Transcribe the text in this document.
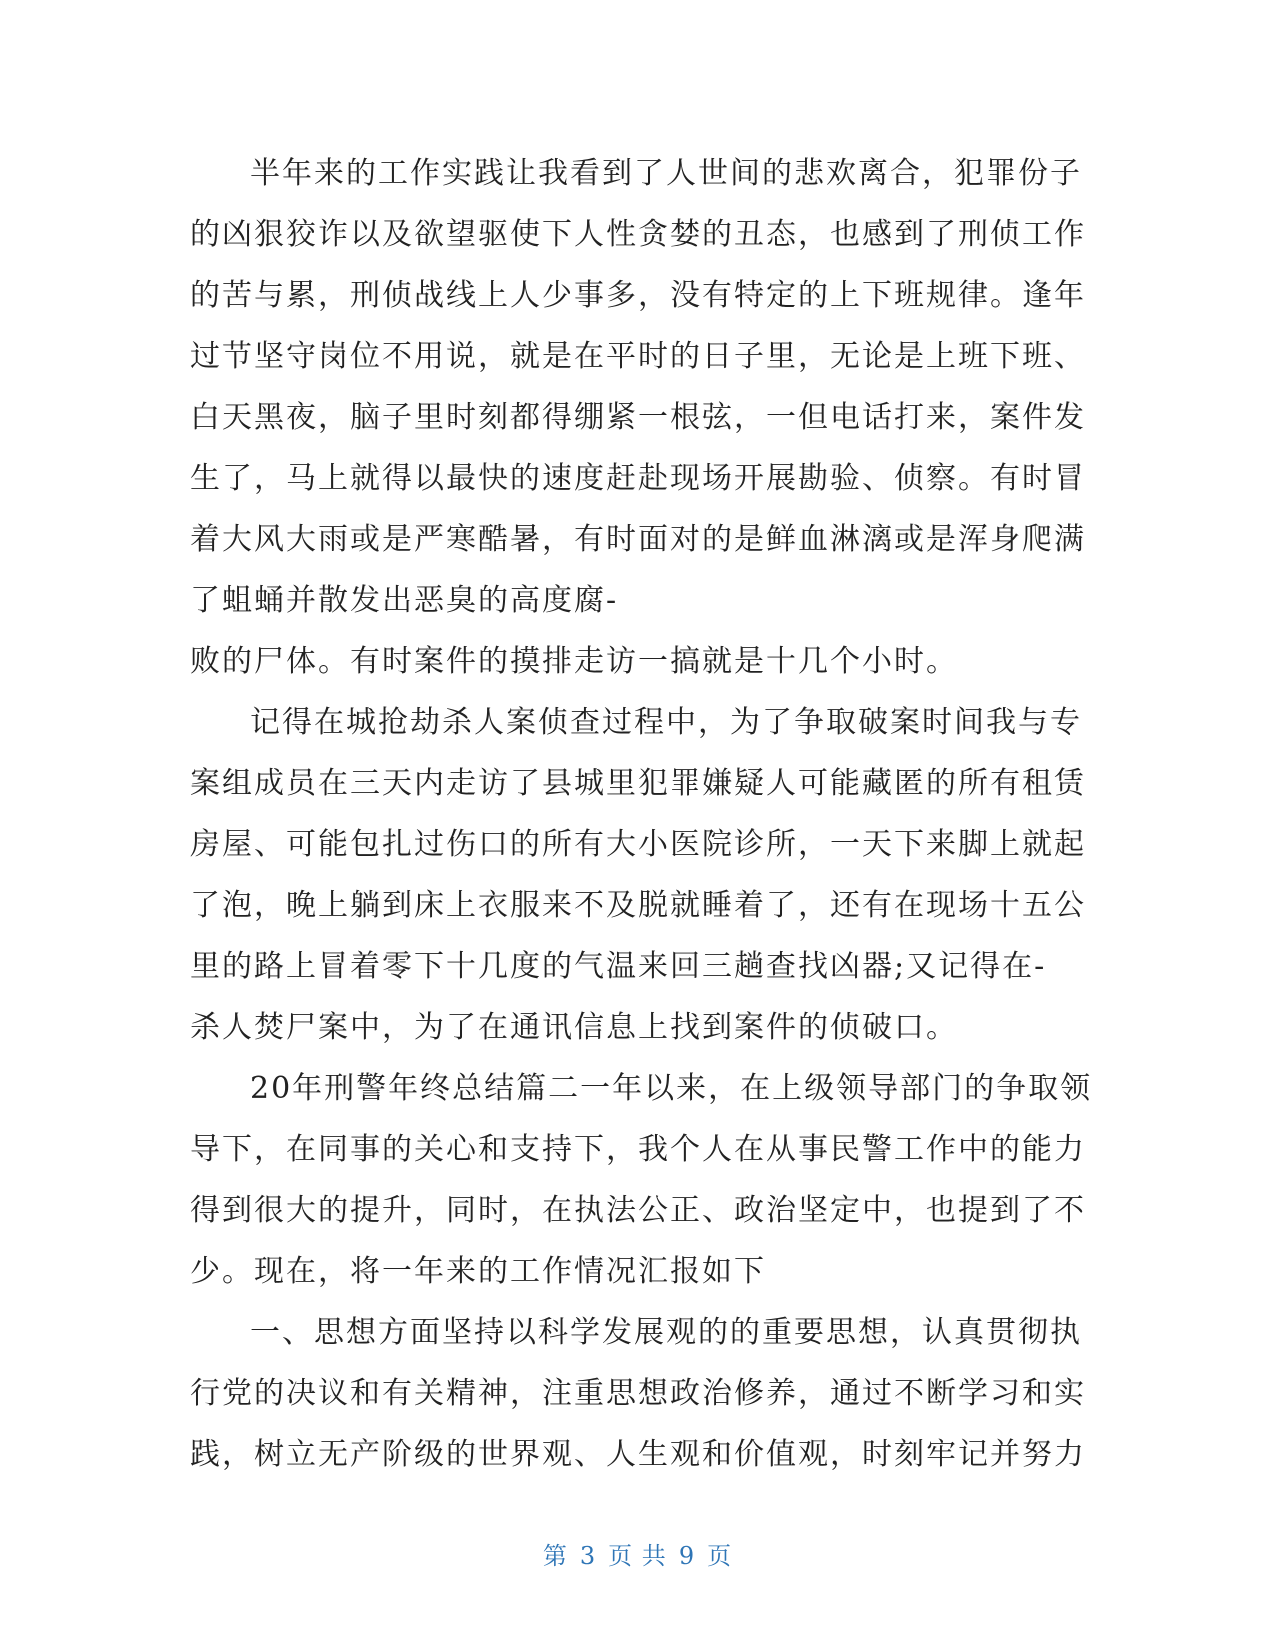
半年来的工作实践让我看到了人世间的悲欢离合，犯罪份子
的凶狠狡诈以及欲望驱使下人性贪婪的丑态，也感到了刑侦工作
的苦与累，刑侦战线上人少事多，没有特定的上下班规律。逢年
过节坚守岗位不用说，就是在平时的日子里，无论是上班下班、
白天黑夜，脑子里时刻都得绷紧一根弦，一但电话打来，案件发
生了，马上就得以最快的速度赶赴现场开展勘验、侦察。有时冒
着大风大雨或是严寒酷暑，有时面对的是鲜血淋漓或是浑身爬满
了蛆蛹并散发出恶臭的高度腐-
败的尸体。有时案件的摸排走访一搞就是十几个小时。
记得在城抢劫杀人案侦查过程中，为了争取破案时间我与专
案组成员在三天内走访了县城里犯罪嫌疑人可能藏匿的所有租赁
房屋、可能包扎过伤口的所有大小医院诊所，一天下来脚上就起
了泡，晚上躺到床上衣服来不及脱就睡着了，还有在现场十五公
里的路上冒着零下十几度的气温来回三趟查找凶器;又记得在-
杀人焚尸案中，为了在通讯信息上找到案件的侦破口。
20年刑警年终总结篇二一年以来，在上级领导部门的争取领
导下，在同事的关心和支持下，我个人在从事民警工作中的能力
得到很大的提升，同时，在执法公正、政治坚定中，也提到了不
少。现在，将一年来的工作情况汇报如下
一、思想方面坚持以科学发展观的的重要思想，认真贯彻执
行党的决议和有关精神，注重思想政治修养，通过不断学习和实
践，树立无产阶级的世界观、人生观和价值观，时刻牢记并努力
第 3 页 共 9 页
